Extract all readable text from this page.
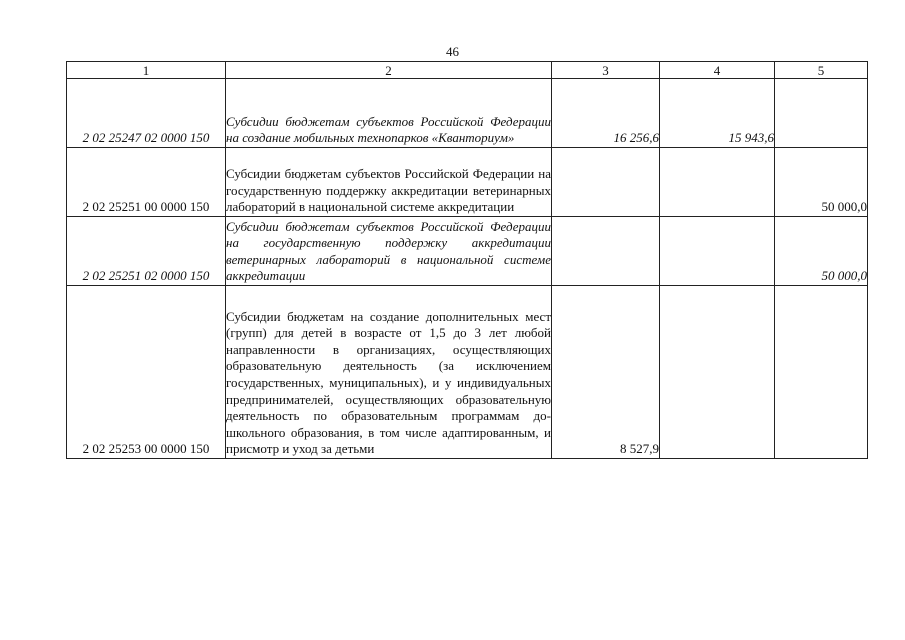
46
1	2	3	4	5
2 02 25247 02 0000 150	Субсидии бюджетам субъектов Российской Федерации на создание мобильных технопарков «Кванториум»	16 256,6	15 943,6	
2 02 25251 00 0000 150	Субсидии бюджетам субъектов Российской Федерации на государственную поддержку аккредитации ветеринарных лабораторий в национальной системе аккредитации			50 000,0
2 02 25251 02 0000 150	Субсидии бюджетам субъектов Российской Федерации на государственную поддержку аккредитации ветеринарных лабораторий в национальной системе аккредитации			50 000,0
2 02 25253 00 0000 150	Субсидии бюджетам на создание дополнительных мест (групп) для детей в возрасте от 1,5 до 3 лет любой направленности в организациях, осуществляющих образовательную деятельность (за исключением государственных, муниципальных), и у индивидуальных предпринимателей, осуществляющих образовательную деятельность по образовательным программам дошкольного образования, в том числе адаптированным, и присмотр и уход за детьми	8 527,9		
